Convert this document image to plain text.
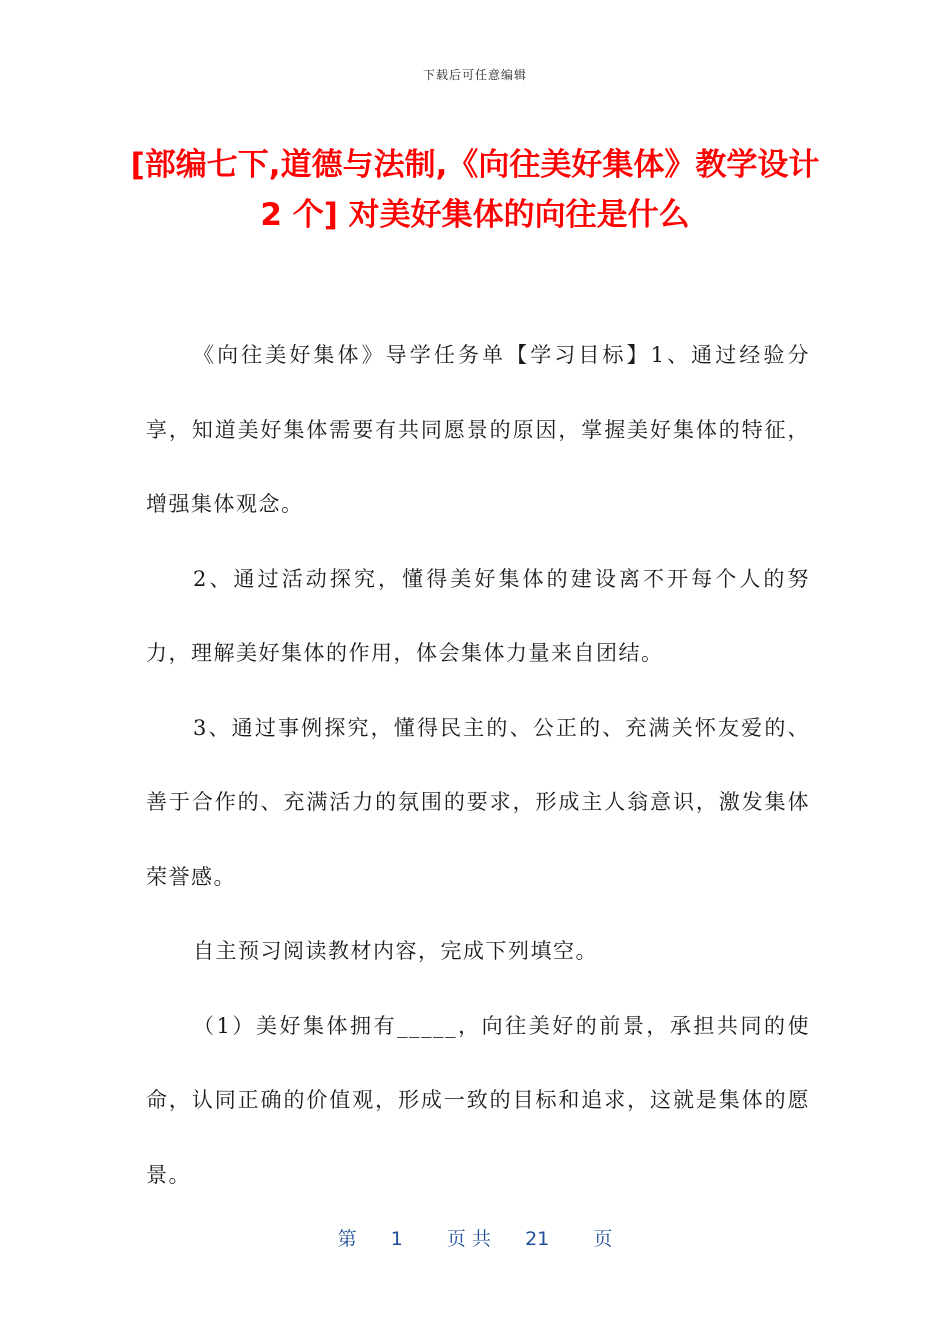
下载后可任意编辑
[部编七下,道德与法制,《向往美好集体》教学设计 2 个] 对美好集体的向往是什么

《向往美好集体》导学任务单【学习目标】1、通过经验分享，知道美好集体需要有共同愿景的原因，掌握美好集体的特征，增强集体观念。

2、通过活动探究，懂得美好集体的建设离不开每个人的努力，理解美好集体的作用，体会集体力量来自团结。

3、通过事例探究，懂得民主的、公正的、充满关怀友爱的、善于合作的、充满活力的氛围的要求，形成主人翁意识，激发集体荣誉感。

自主预习阅读教材内容，完成下列填空。

（1）美好集体拥有_____，向往美好的前景，承担共同的使命，认同正确的价值观，形成一致的目标和追求，这就是集体的愿景。

第 1 页 共 21 页
